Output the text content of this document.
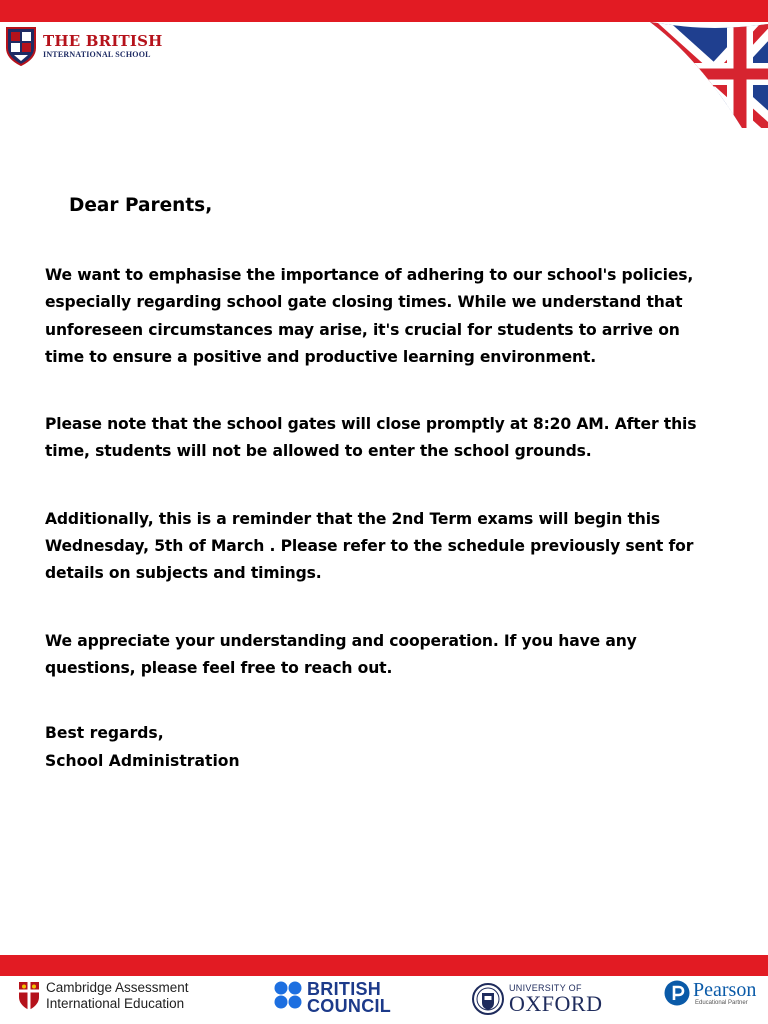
THE BRITISH
INTERNATIONAL SCHOOL
Dear Parents,

We want to emphasise the importance of adhering to our school's policies,
especially regarding school gate closing times. While we understand that
unforeseen circumstances may arise, it's crucial for students to arrive on
time to ensure a positive and productive learning environment.

Please note that the school gates will close promptly at 8:20 AM. After this
time, students will not be allowed to enter the school grounds.

Additionally, this is a reminder that the 2nd Term exams will begin this
Wednesday, 5th of March . Please refer to the schedule previously sent for
details on subjects and timings.

We appreciate your understanding and cooperation. If you have any
questions, please feel free to reach out.

Best regards,
School Administration
Cambridge Assessment
International Education
BRITISH
COUNCIL
UNIVERSITY OF
OXFORD
Pearson
Educational Partner
